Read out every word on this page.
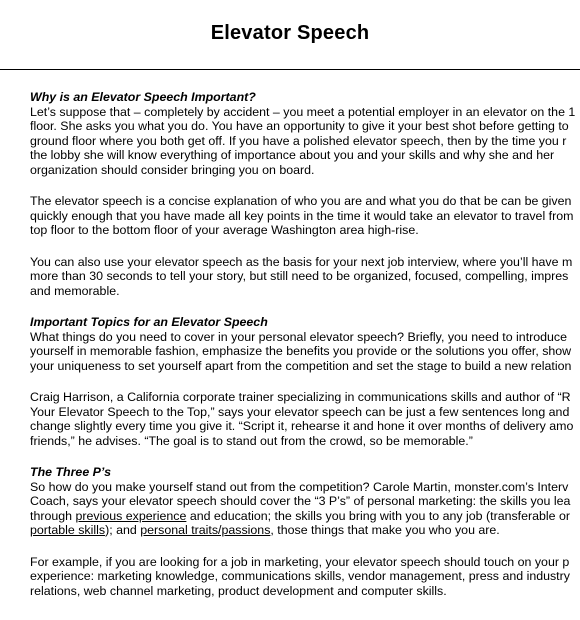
Elevator Speech
Why is an Elevator Speech Important?
Let’s suppose that – completely by accident – you meet a potential employer in an elevator on the 1
floor. She asks you what you do. You have an opportunity to give it your best shot before getting to
ground floor where you both get off. If you have a polished elevator speech, then by the time you r
the lobby she will know everything of importance about you and your skills and why she and her
organization should consider bringing you on board.
The elevator speech is a concise explanation of who you are and what you do that be can be given
quickly enough that you have made all key points in the time it would take an elevator to travel from
top floor to the bottom floor of your average Washington area high-rise.
You can also use your elevator speech as the basis for your next job interview, where you’ll have m
more than 30 seconds to tell your story, but still need to be organized, focused, compelling, impres
and memorable.
Important Topics for an Elevator Speech
What things do you need to cover in your personal elevator speech? Briefly, you need to introduce
yourself in memorable fashion, emphasize the benefits you provide or the solutions you offer, show
your uniqueness to set yourself apart from the competition and set the stage to build a new relation
Craig Harrison, a California corporate trainer specializing in communications skills and author of “R
Your Elevator Speech to the Top,” says your elevator speech can be just a few sentences long and
change slightly every time you give it. “Script it, rehearse it and hone it over months of delivery amo
friends,” he advises. “The goal is to stand out from the crowd, so be memorable.”
The Three P’s
So how do you make yourself stand out from the competition? Carole Martin, monster.com’s Interv
Coach, says your elevator speech should cover the “3 P’s” of personal marketing: the skills you lea
through previous experience and education; the skills you bring with you to any job (transferable or
portable skills); and personal traits/passions, those things that make you who you are.
For example, if you are looking for a job in marketing, your elevator speech should touch on your p
experience: marketing knowledge, communications skills, vendor management, press and industry
relations, web channel marketing, product development and computer skills.
